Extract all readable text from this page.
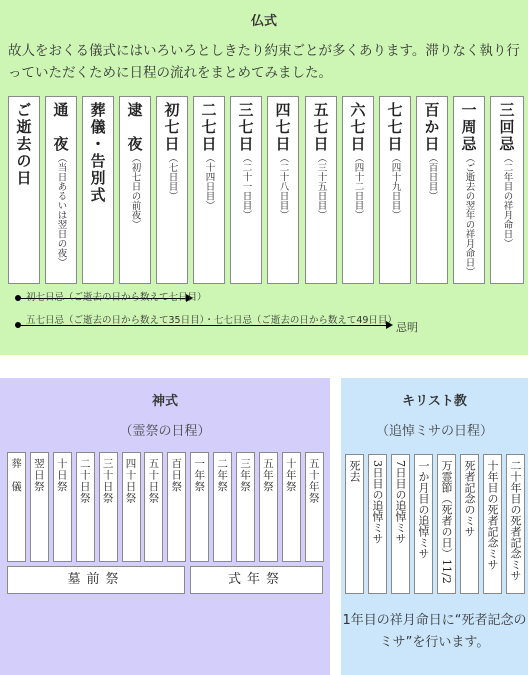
仏式
故人をおくる儀式にはいろいろとしきたり約束ごとが多くあります。滞りなく執り行っていただくために日程の流れをまとめてみました。
ご逝去の日 通　夜（当日あるいは翌日の夜）	葬儀・告別式 逮　夜（初七日の前夜）
初七日（七日目）
二七日（十四日目）
三七日（二十一日目）
四七日（二十八日目）
五七日（三十五日目）
六七日（四十二日目）
七七日（四十九日目）
百か日（百日目）
一周忌（ご逝去の翌年の祥月命日）
三回忌（二年目の祥月命日）
初七日忌（ご逝去の日から数えて七日目）
五七日忌（ご逝去の日から数えて35日目）・七七日忌（ご逝去の日から数えて49日目）
忌明
神式
（霊祭の日程）
葬　儀 翌日祭 十日祭 二十日祭 三十日祭 四十日祭 五十日祭 百日祭 一年祭 二年祭 三年祭 五年祭 十年祭 五十年祭
墓前祭	式年祭
キリスト教
（追悼ミサの日程）
死去 3日目の追悼ミサ 7日目の追悼ミサ 一か月目の追悼ミサ 万霊節（死者の日）11/2 死者記念のミサ 十年目の死者記念ミサ 二十年目の死者記念ミサ
1年目の祥月命日に“死者記念のミサ”を行います。
